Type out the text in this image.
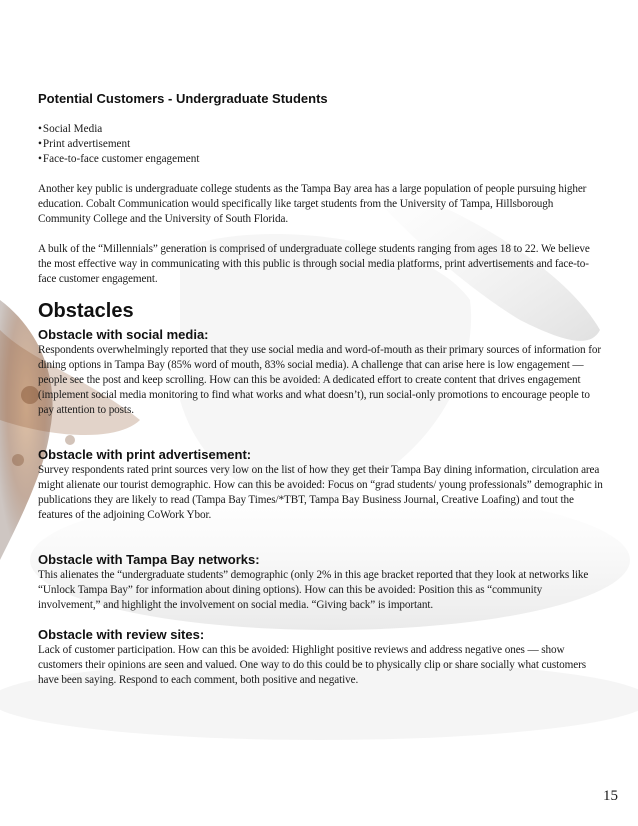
Potential Customers - Undergraduate Students
• Social Media
• Print advertisement
• Face-to-face customer engagement

Another key public is undergraduate college students as the Tampa Bay area has a large population of people pursuing higher education. Cobalt Communication would specifically like target students from the University of Tampa, Hillsborough Community College and the University of South Florida.

A bulk of the “Millennials” generation is comprised of undergraduate college students ranging from ages 18 to 22. We believe the most effective way in communicating with this public is through social media platforms, print advertisements and face-to-face customer engagement.

Obstacles
Obstacle with social media:

Respondents overwhelmingly reported that they use social media and word-of-mouth as their primary sources of information for dining options in Tampa Bay (85% word of mouth, 83% social media). A challenge that can arise here is low engagement — people see the post and keep scrolling. How can this be avoided: A dedicated effort to create content that drives engagement (implement social media monitoring to find what works and what doesn’t), run social-only promotions to encourage people to pay attention to posts.

Obstacle with print advertisement:

Survey respondents rated print sources very low on the list of how they get their Tampa Bay dining information, circulation area might alienate our tourist demographic. How can this be avoided: Focus on “grad students/ young professionals” demographic in publications they are likely to read (Tampa Bay Times/*TBT, Tampa Bay Business Journal, Creative Loafing) and tout the features of the adjoining CoWork Ybor.

Obstacle with Tampa Bay networks:

This alienates the “undergraduate students” demographic (only 2% in this age bracket reported that they look at networks like “Unlock Tampa Bay” for information about dining options). How can this be avoided: Position this as “community involvement,” and highlight the involvement on social media. “Giving back” is important.

Obstacle with review sites:

Lack of customer participation. How can this be avoided: Highlight positive reviews and address negative ones — show customers their opinions are seen and valued. One way to do this could be to physically clip or share socially what customers have been saying. Respond to each comment, both positive and negative.

15
